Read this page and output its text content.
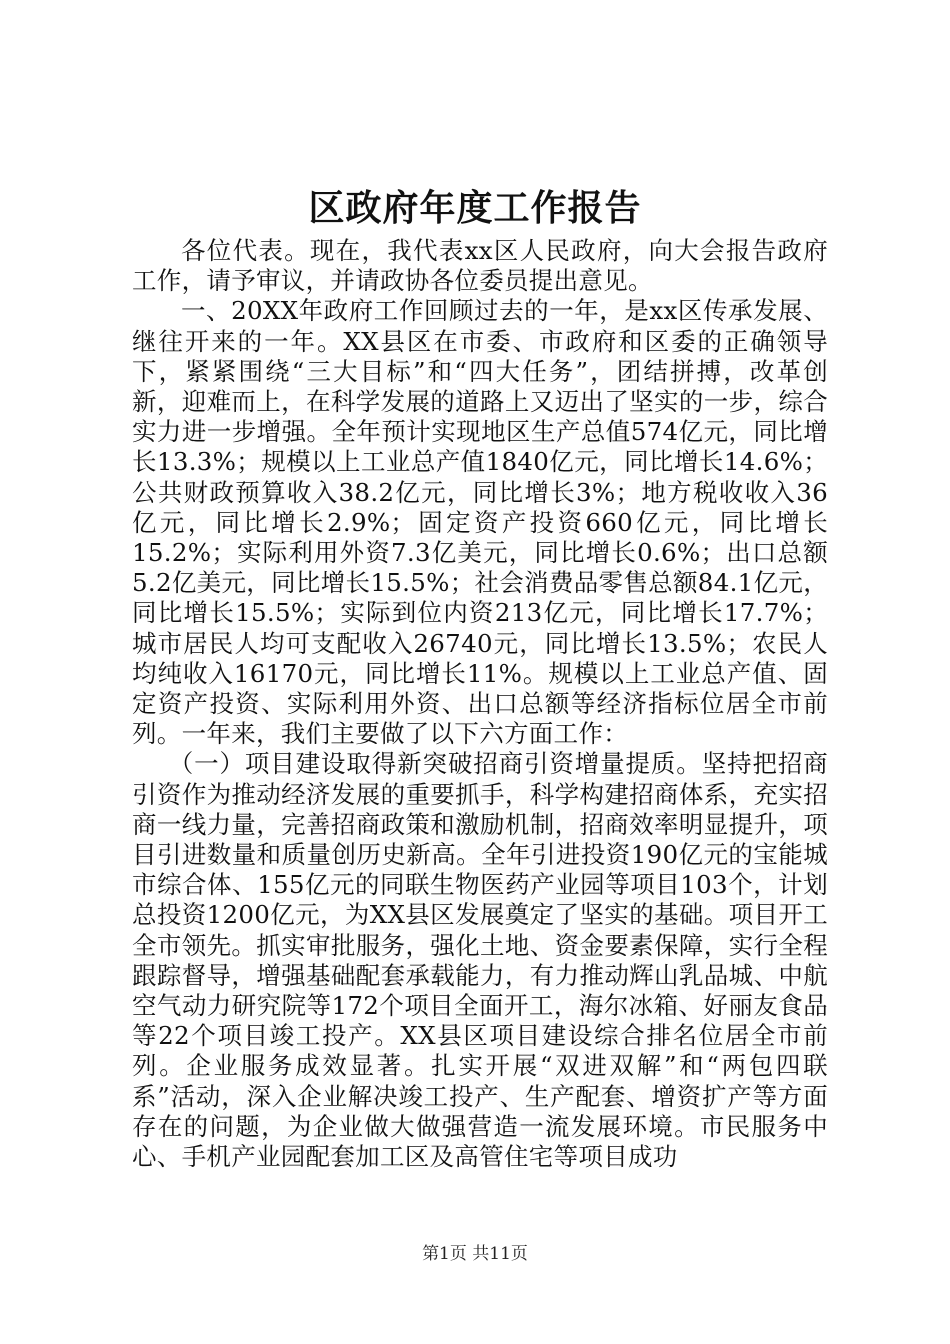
区政府年度工作报告

各位代表。现在，我代表xx区人民政府，向大会报告政府工作，请予审议，并请政协各位委员提出意见。

一、20XX年政府工作回顾过去的一年，是xx区传承发展、继往开来的一年。XX县区在市委、市政府和区委的正确领导下，紧紧围绕“三大目标”和“四大任务”，团结拼搏，改革创新，迎难而上，在科学发展的道路上又迈出了坚实的一步，综合实力进一步增强。全年预计实现地区生产总值574亿元，同比增长13.3%；规模以上工业总产值1840亿元，同比增长14.6%；公共财政预算收入38.2亿元，同比增长3%；地方税收收入36亿元，同比增长2.9%；固定资产投资660亿元，同比增长15.2%；实际利用外资7.3亿美元，同比增长0.6%；出口总额5.2亿美元，同比增长15.5%；社会消费品零售总额84.1亿元，同比增长15.5%；实际到位内资213亿元，同比增长17.7%；城市居民人均可支配收入26740元，同比增长13.5%；农民人均纯收入16170元，同比增长11%。规模以上工业总产值、固定资产投资、实际利用外资、出口总额等经济指标位居全市前列。一年来，我们主要做了以下六方面工作：

（一）项目建设取得新突破招商引资增量提质。坚持把招商引资作为推动经济发展的重要抓手，科学构建招商体系，充实招商一线力量，完善招商政策和激励机制，招商效率明显提升，项目引进数量和质量创历史新高。全年引进投资190亿元的宝能城市综合体、155亿元的同联生物医药产业园等项目103个，计划总投资1200亿元，为XX县区发展奠定了坚实的基础。项目开工全市领先。抓实审批服务，强化土地、资金要素保障，实行全程跟踪督导，增强基础配套承载能力，有力推动辉山乳品城、中航空气动力研究院等172个项目全面开工，海尔冰箱、好丽友食品等22个项目竣工投产。XX县区项目建设综合排名位居全市前列。企业服务成效显著。扎实开展“双进双解”和“两包四联系”活动，深入企业解决竣工投产、生产配套、增资扩产等方面存在的问题，为企业做大做强营造一流发展环境。市民服务中心、手机产业园配套加工区及高管住宅等项目成功

第1页 共11页
